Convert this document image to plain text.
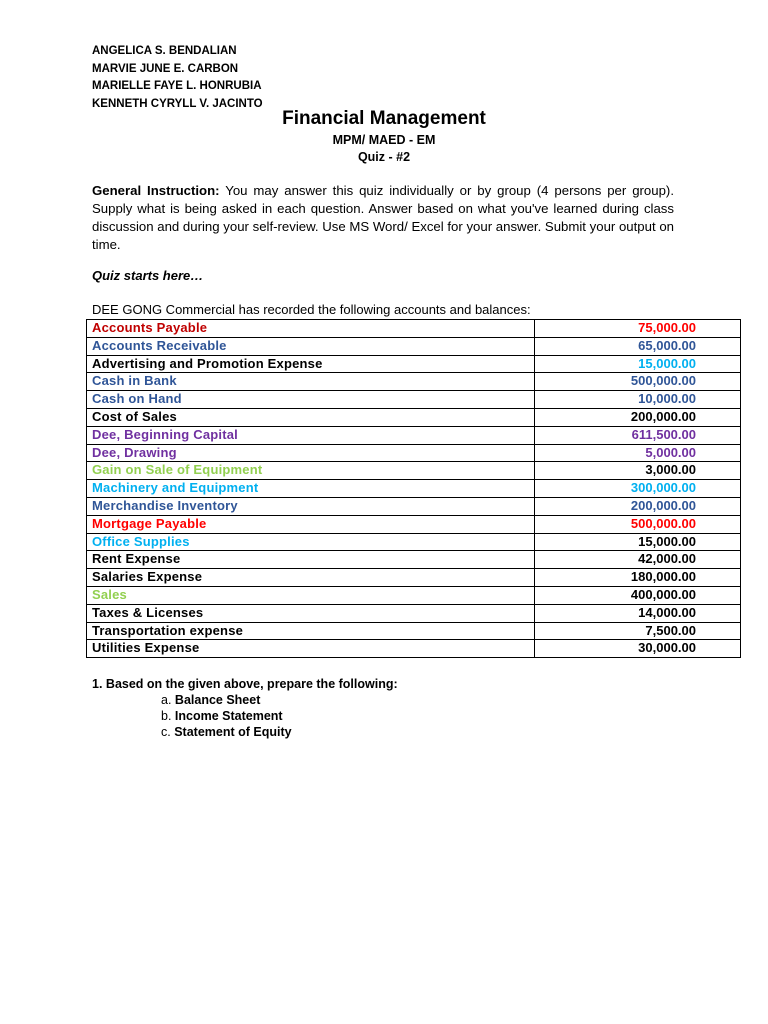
ANGELICA S. BENDALIAN
MARVIE JUNE E. CARBON
MARIELLE FAYE L. HONRUBIA
KENNETH CYRYLL V. JACINTO
Financial Management
MPM/ MAED - EM
Quiz - #2
General Instruction: You may answer this quiz individually or by group (4 persons per group). Supply what is being asked in each question. Answer based on what you've learned during class discussion and during your self-review. Use MS Word/ Excel for your answer. Submit your output on time.
Quiz starts here…
DEE GONG Commercial has recorded the following accounts and balances:
Accounts Payable	75,000.00
Accounts Receivable	65,000.00
Advertising and Promotion Expense	15,000.00
Cash in Bank	500,000.00
Cash on Hand	10,000.00
Cost of Sales	200,000.00
Dee, Beginning Capital	611,500.00
Dee, Drawing	5,000.00
Gain on Sale of Equipment	3,000.00
Machinery and Equipment	300,000.00
Merchandise Inventory	200,000.00
Mortgage Payable	500,000.00
Office Supplies	15,000.00
Rent Expense	42,000.00
Salaries Expense	180,000.00
Sales	400,000.00
Taxes & Licenses	14,000.00
Transportation expense	7,500.00
Utilities Expense	30,000.00
1. Based on the given above, prepare the following:
a. Balance Sheet
b. Income Statement
c. Statement of Equity
